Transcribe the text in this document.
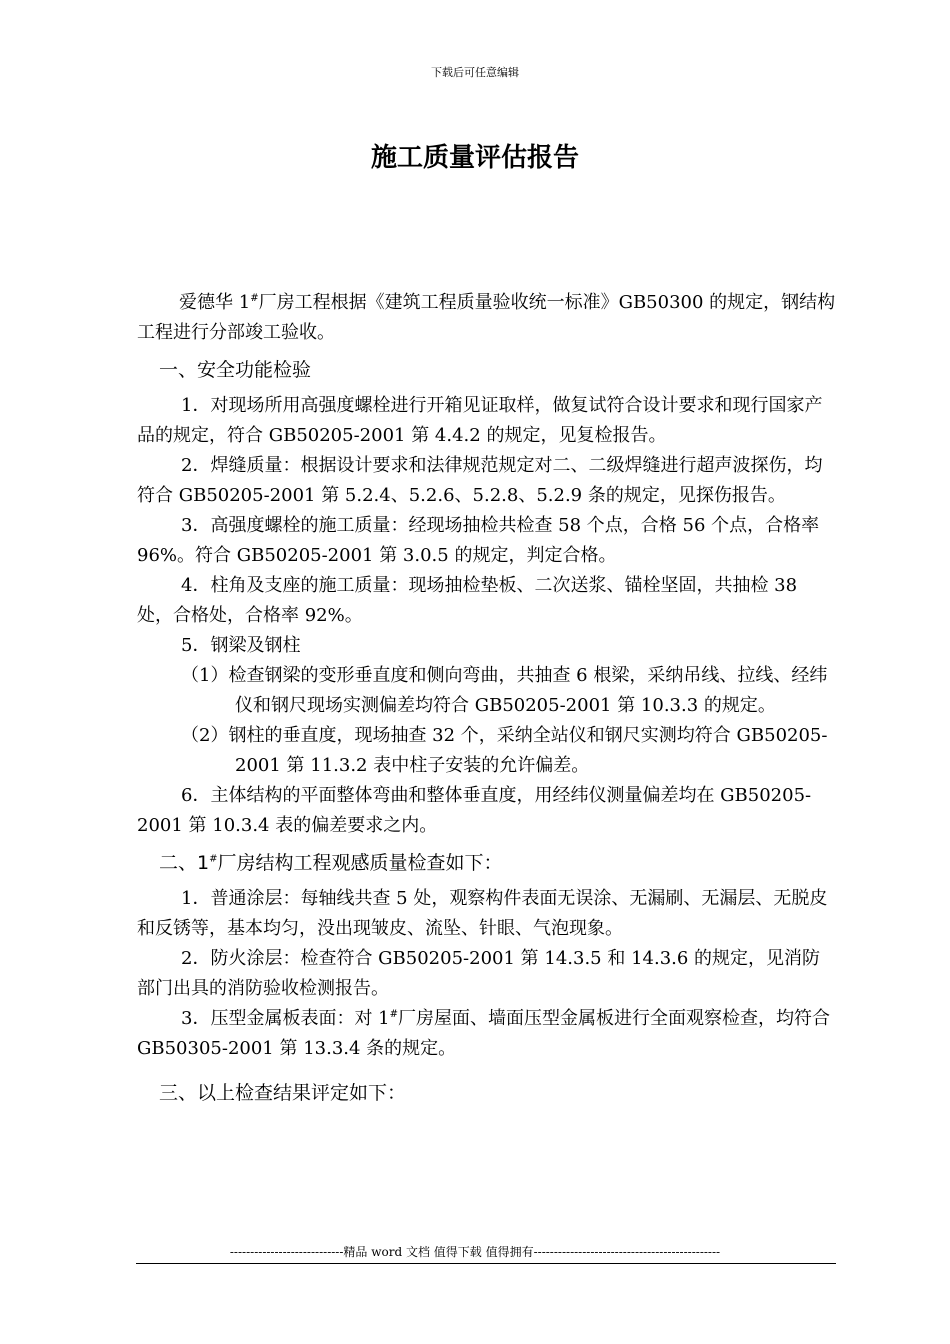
下载后可任意编辑
施工质量评估报告

爱德华 1#厂房工程根据《建筑工程质量验收统一标准》GB50300 的规定，钢结构工程进行分部竣工验收。

一、安全功能检验

1．对现场所用高强度螺栓进行开箱见证取样，做复试符合设计要求和现行国家产品的规定，符合 GB50205-2001 第 4.4.2 的规定，见复检报告。

2．焊缝质量：根据设计要求和法律规范规定对二、二级焊缝进行超声波探伤，均符合 GB50205-2001 第 5.2.4、5.2.6、5.2.8、5.2.9 条的规定，见探伤报告。

3．高强度螺栓的施工质量：经现场抽检共检查 58 个点，合格 56 个点，合格率 96%。符合 GB50205-2001 第 3.0.5 的规定，判定合格。

4．柱角及支座的施工质量：现场抽检垫板、二次送浆、锚栓坚固，共抽检 38 处，合格处，合格率 92%。

5．钢梁及钢柱

（1）检查钢梁的变形垂直度和侧向弯曲，共抽查 6 根梁，采纳吊线、拉线、经纬仪和钢尺现场实测偏差均符合 GB50205-2001 第 10.3.3 的规定。

（2）钢柱的垂直度，现场抽查 32 个，采纳全站仪和钢尺实测均符合 GB50205-2001 第 11.3.2 表中柱子安装的允许偏差。

6．主体结构的平面整体弯曲和整体垂直度，用经纬仪测量偏差均在 GB50205-2001 第 10.3.4 表的偏差要求之内。

二、1#厂房结构工程观感质量检查如下：

1．普通涂层：每轴线共查 5 处，观察构件表面无误涂、无漏刷、无漏层、无脱皮和反锈等，基本均匀，没出现皱皮、流坠、针眼、气泡现象。

2．防火涂层：检查符合 GB50205-2001 第 14.3.5 和 14.3.6 的规定，见消防部门出具的消防验收检测报告。

3．压型金属板表面：对 1#厂房屋面、墙面压型金属板进行全面观察检查，均符合 GB50305-2001 第 13.3.4 条的规定。

三、以上检查结果评定如下：
----------------------------精品 word 文档 值得下载 值得拥有----------------------------------------------
